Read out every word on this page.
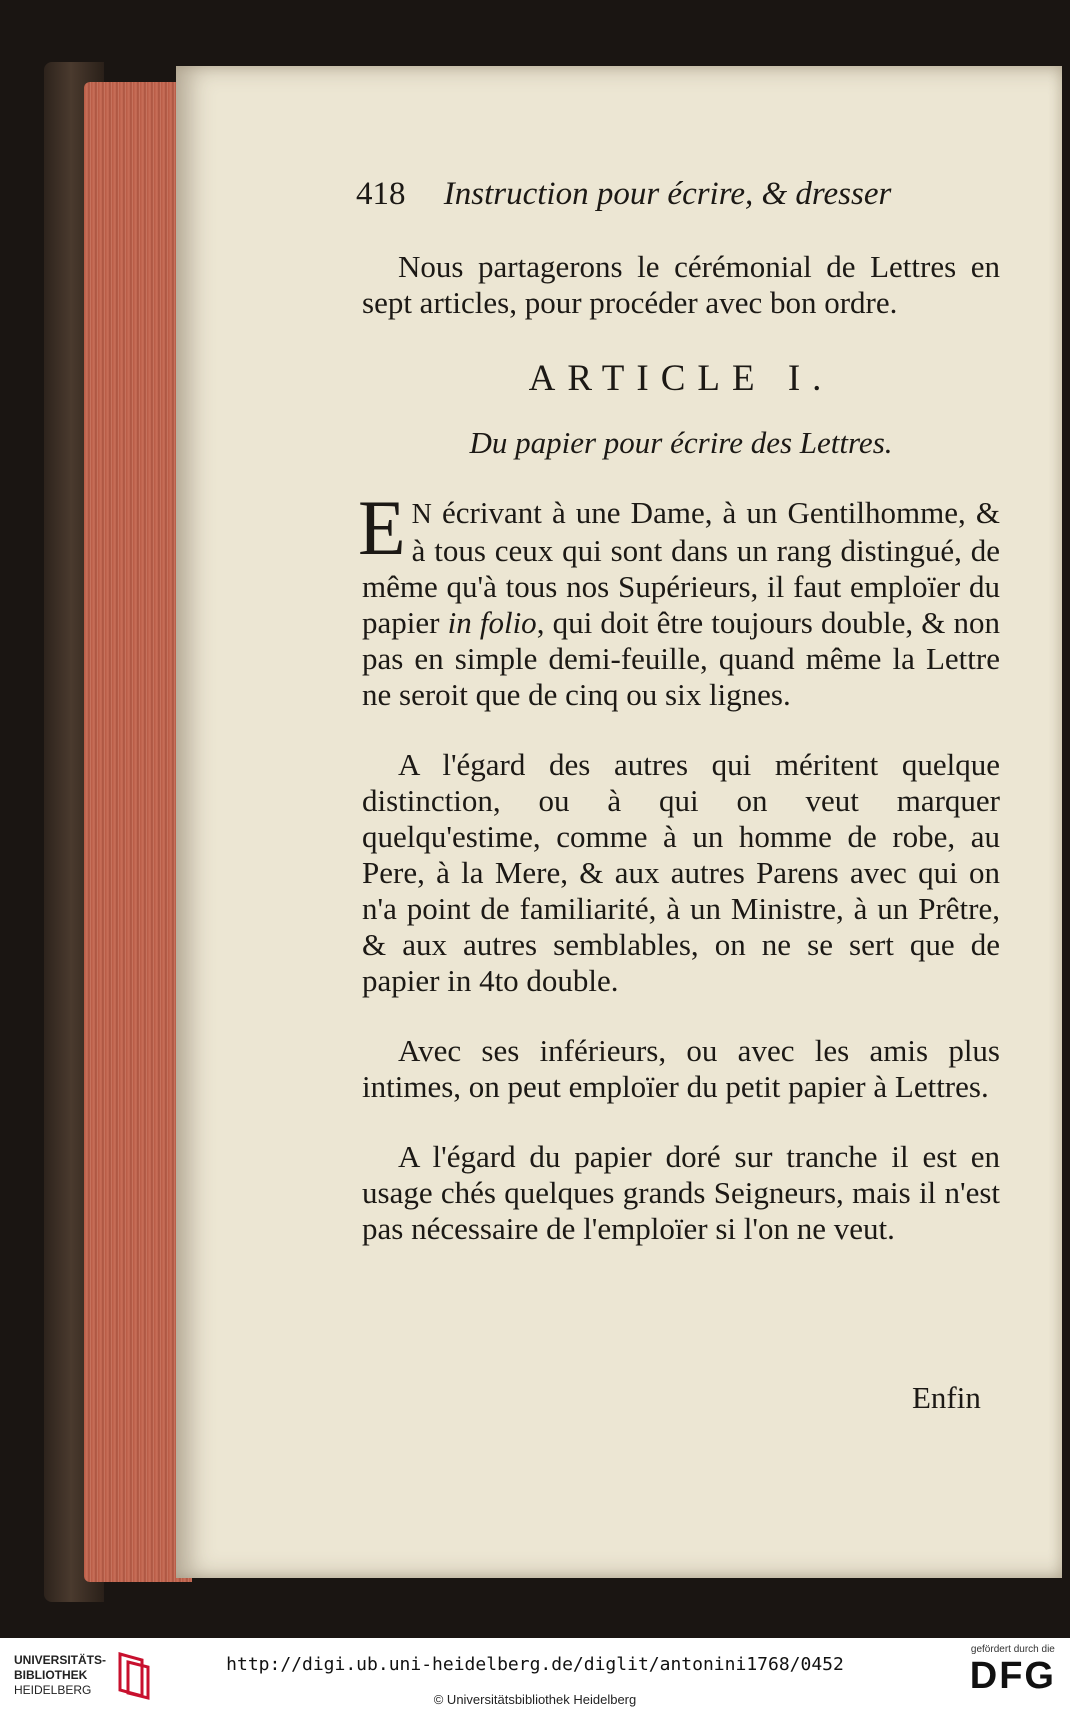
418 Instruction pour écrire, & dresser

Nous partagerons le cérémonial de Lettres en sept articles, pour procéder avec bon ordre.

ARTICLE I.
Du papier pour écrire des Lettres.

E N écrivant à une Dame, à un Gentilhomme, & à tous ceux qui sont dans un rang distingué, de même qu'à tous nos Supérieurs, il faut emploïer du papier in folio, qui doit être toujours double, & non pas en simple demi-feuille, quand même la Lettre ne seroit que de cinq ou six lignes.

A l'égard des autres qui méritent quelque distinction, ou à qui on veut marquer quelqu'estime, comme à un homme de robe, au Pere, à la Mere, & aux autres Parens avec qui on n'a point de familiarité, à un Ministre, à un Prêtre, & aux autres semblables, on ne se sert que de papier in 4to double.

Avec ses inférieurs, ou avec les amis plus intimes, on peut emploïer du petit papier à Lettres.

A l'égard du papier doré sur tranche il est en usage chés quelques grands Seigneurs, mais il n'est pas nécessaire de l'emploïer si l'on ne veut.

Enfin
UNIVERSITÄTS-
BIBLIOTHEK
HEIDELBERG
http://digi.ub.uni-heidelberg.de/diglit/antonini1768/0452
© Universitätsbibliothek Heidelberg
gefördert durch die
DFG
